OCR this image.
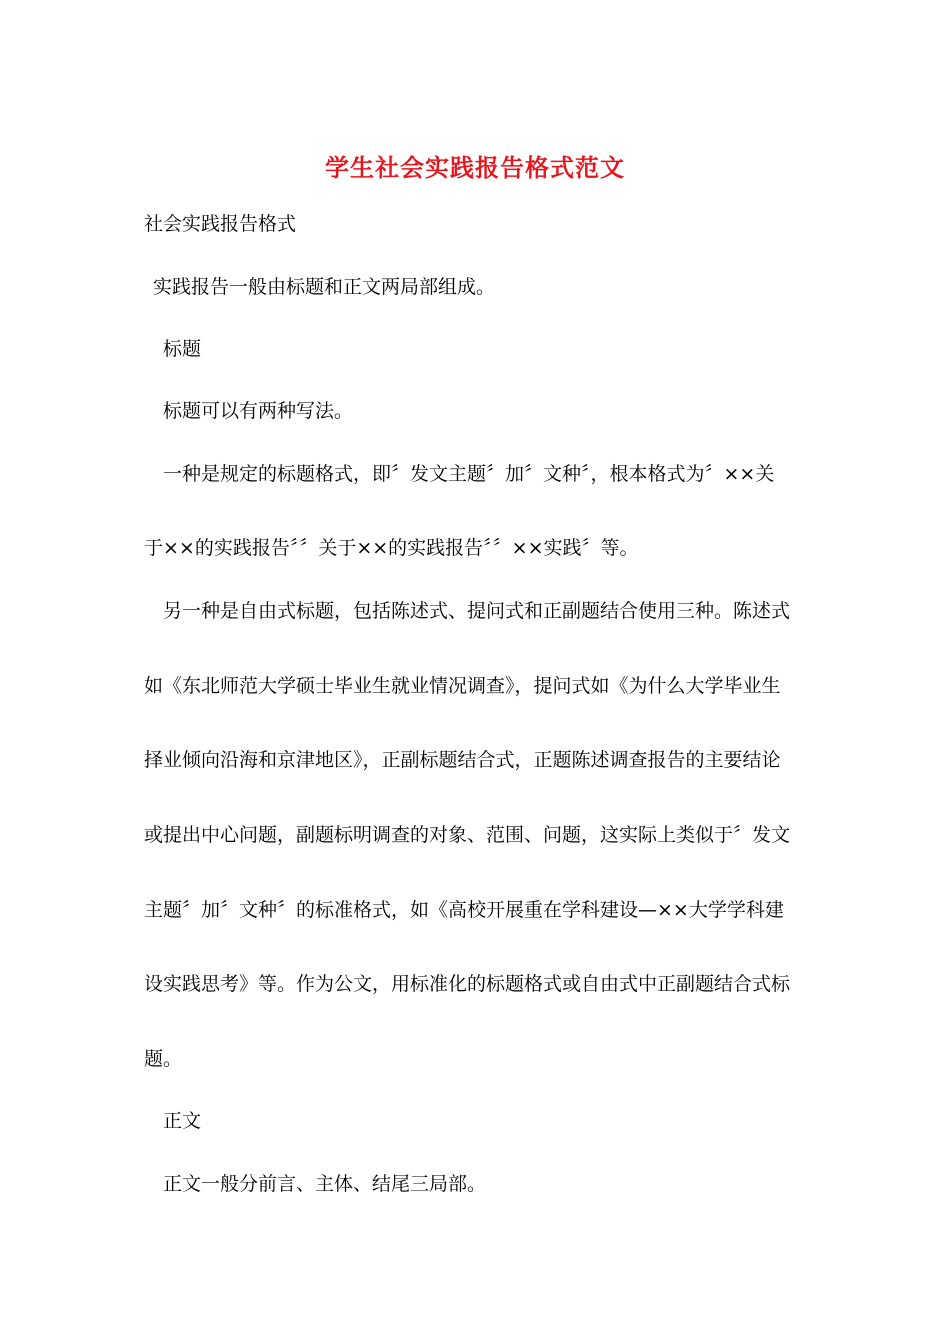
学生社会实践报告格式范文
社会实践报告格式
实践报告一般由标题和正文两局部组成。
标题
标题可以有两种写法。
一种是规定的标题格式，即〞发文主题〞加〞文种〞，根本格式为〞××关
于××的实践报告〞〞关于××的实践报告〞〞××实践〞等。
另一种是自由式标题，包括陈述式、提问式和正副题结合使用三种。陈述式
如《东北师范大学硕士毕业生就业情况调查》，提问式如《为什么大学毕业生
择业倾向沿海和京津地区》，正副标题结合式，正题陈述调查报告的主要结论
或提出中心问题，副题标明调查的对象、范围、问题，这实际上类似于〞发文
主题〞加〞文种〞的标准格式，如《高校开展重在学科建设—××大学学科建
设实践思考》等。作为公文，用标准化的标题格式或自由式中正副题结合式标
题。
正文
正文一般分前言、主体、结尾三局部。
